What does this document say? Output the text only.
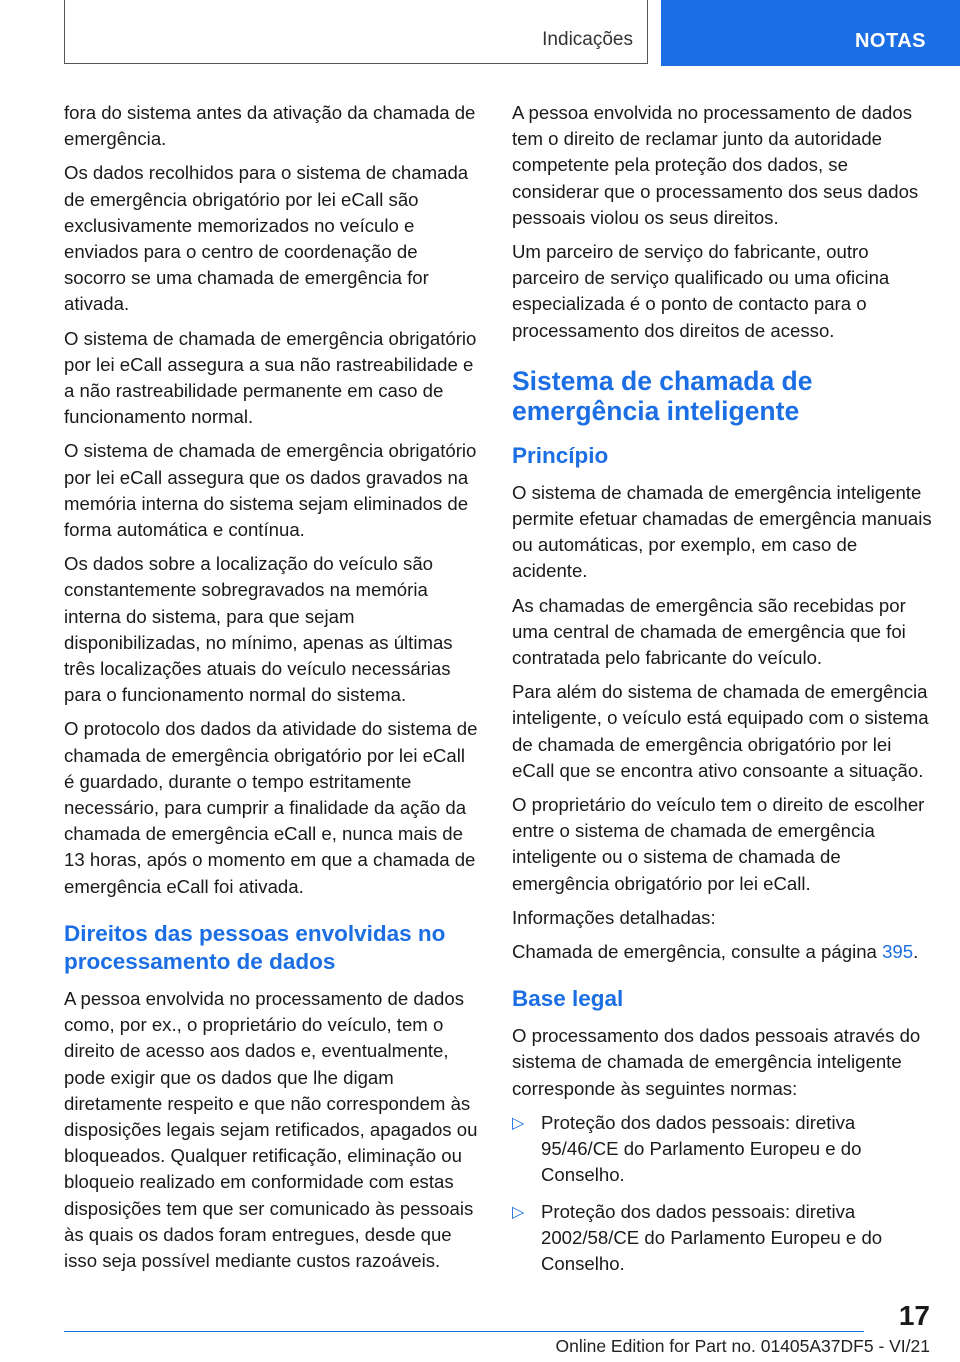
Indicações	NOTAS

fora do sistema antes da ativação da chamada de emergência.

Os dados recolhidos para o sistema de chamada de emergência obrigatório por lei eCall são exclusivamente memorizados no veículo e enviados para o centro de coordenação de socorro se uma chamada de emergência for ativada.

O sistema de chamada de emergência obrigatório por lei eCall assegura a sua não rastreabilidade e a não rastreabilidade permanente em caso de funcionamento normal.

O sistema de chamada de emergência obrigatório por lei eCall assegura que os dados gravados na memória interna do sistema sejam eliminados de forma automática e contínua.

Os dados sobre a localização do veículo são constantemente sobregravados na memória interna do sistema, para que sejam disponibilizadas, no mínimo, apenas as últimas três localizações atuais do veículo necessárias para o funcionamento normal do sistema.

O protocolo dos dados da atividade do sistema de chamada de emergência obrigatório por lei eCall é guardado, durante o tempo estritamente necessário, para cumprir a finalidade da ação da chamada de emergência eCall e, nunca mais de 13 horas, após o momento em que a chamada de emergência eCall foi ativada.

Direitos das pessoas envolvidas no processamento de dados

A pessoa envolvida no processamento de dados como, por ex., o proprietário do veículo, tem o direito de acesso aos dados e, eventualmente, pode exigir que os dados que lhe digam diretamente respeito e que não correspondem às disposições legais sejam retificados, apagados ou bloqueados. Qualquer retificação, eliminação ou bloqueio realizado em conformidade com estas disposições tem que ser comunicado às pessoais às quais os dados foram entregues, desde que isso seja possível mediante custos razoáveis.

A pessoa envolvida no processamento de dados tem o direito de reclamar junto da autoridade competente pela proteção dos dados, se considerar que o processamento dos seus dados pessoais violou os seus direitos.

Um parceiro de serviço do fabricante, outro parceiro de serviço qualificado ou uma oficina especializada é o ponto de contacto para o processamento dos direitos de acesso.

Sistema de chamada de emergência inteligente
Princípio

O sistema de chamada de emergência inteligente permite efetuar chamadas de emergência manuais ou automáticas, por exemplo, em caso de acidente.

As chamadas de emergência são recebidas por uma central de chamada de emergência que foi contratada pelo fabricante do veículo.

Para além do sistema de chamada de emergência inteligente, o veículo está equipado com o sistema de chamada de emergência obrigatório por lei eCall que se encontra ativo consoante a situação.

O proprietário do veículo tem o direito de escolher entre o sistema de chamada de emergência inteligente ou o sistema de chamada de emergência obrigatório por lei eCall.

Informações detalhadas:

Chamada de emergência, consulte a página 395.

Base legal

O processamento dos dados pessoais através do sistema de chamada de emergência inteligente corresponde às seguintes normas:

▷ Proteção dos dados pessoais: diretiva 95/46/CE do Parlamento Europeu e do Conselho.
▷ Proteção dos dados pessoais: diretiva 2002/58/CE do Parlamento Europeu e do Conselho.
17
Online Edition for Part no. 01405A37DF5 - VI/21
